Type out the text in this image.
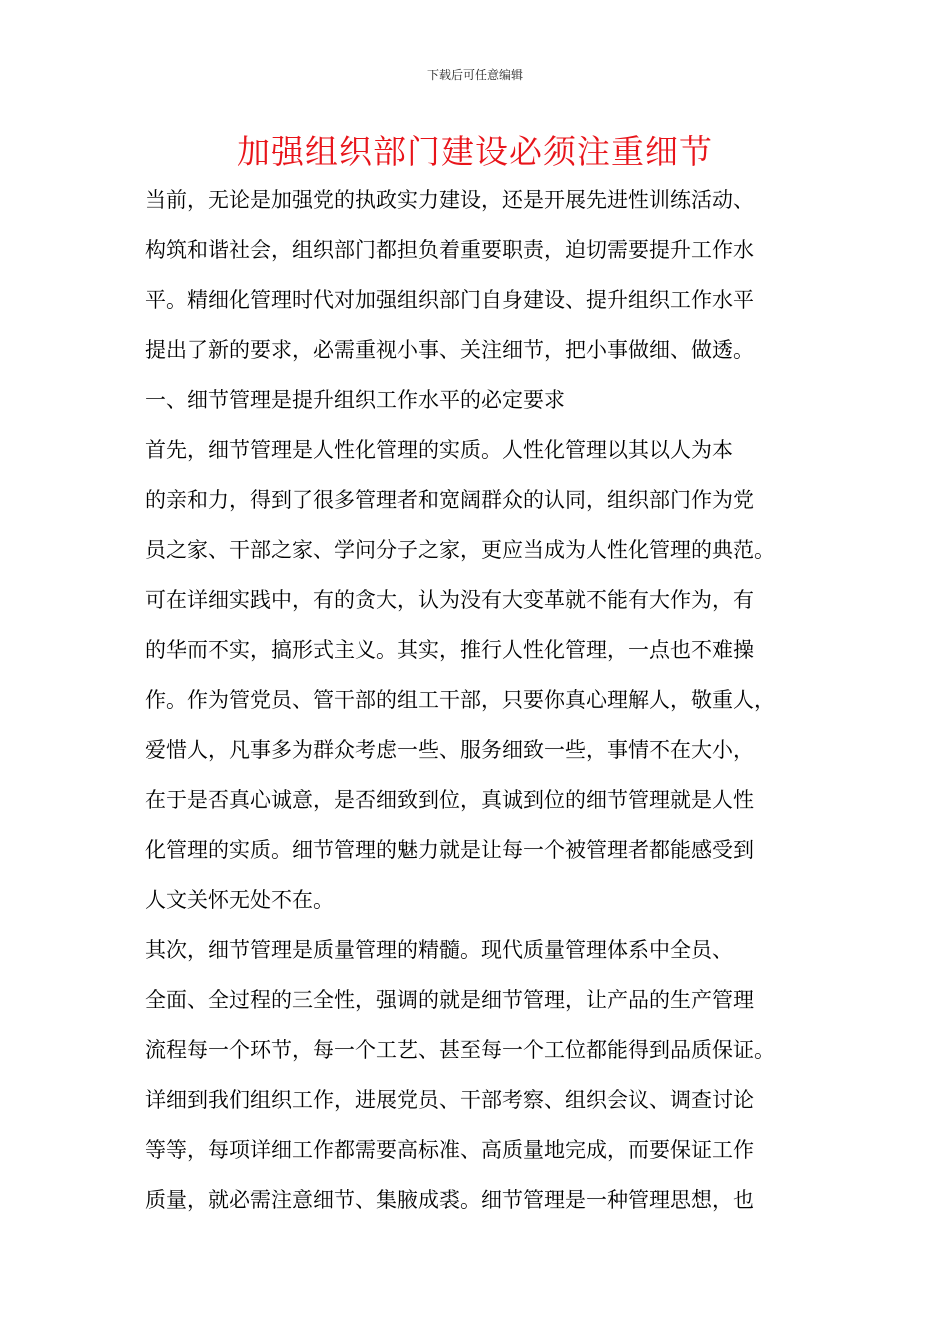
下载后可任意编辑
加强组织部门建设必须注重细节
当前，无论是加强党的执政实力建设，还是开展先进性训练活动、
构筑和谐社会，组织部门都担负着重要职责，迫切需要提升工作水
平。精细化管理时代对加强组织部门自身建设、提升组织工作水平
提出了新的要求，必需重视小事、关注细节，把小事做细、做透。
一、细节管理是提升组织工作水平的必定要求
首先，细节管理是人性化管理的实质。人性化管理以其以人为本
的亲和力，得到了很多管理者和宽阔群众的认同，组织部门作为党
员之家、干部之家、学问分子之家，更应当成为人性化管理的典范。
可在详细实践中，有的贪大，认为没有大变革就不能有大作为，有
的华而不实，搞形式主义。其实，推行人性化管理，一点也不难操
作。作为管党员、管干部的组工干部，只要你真心理解人，敬重人，
爱惜人，凡事多为群众考虑一些、服务细致一些，事情不在大小，
在于是否真心诚意，是否细致到位，真诚到位的细节管理就是人性
化管理的实质。细节管理的魅力就是让每一个被管理者都能感受到
人文关怀无处不在。
其次，细节管理是质量管理的精髓。现代质量管理体系中全员、
全面、全过程的三全性，强调的就是细节管理，让产品的生产管理
流程每一个环节，每一个工艺、甚至每一个工位都能得到品质保证。
详细到我们组织工作，进展党员、干部考察、组织会议、调查讨论
等等，每项详细工作都需要高标准、高质量地完成，而要保证工作
质量，就必需注意细节、集腋成裘。细节管理是一种管理思想，也
